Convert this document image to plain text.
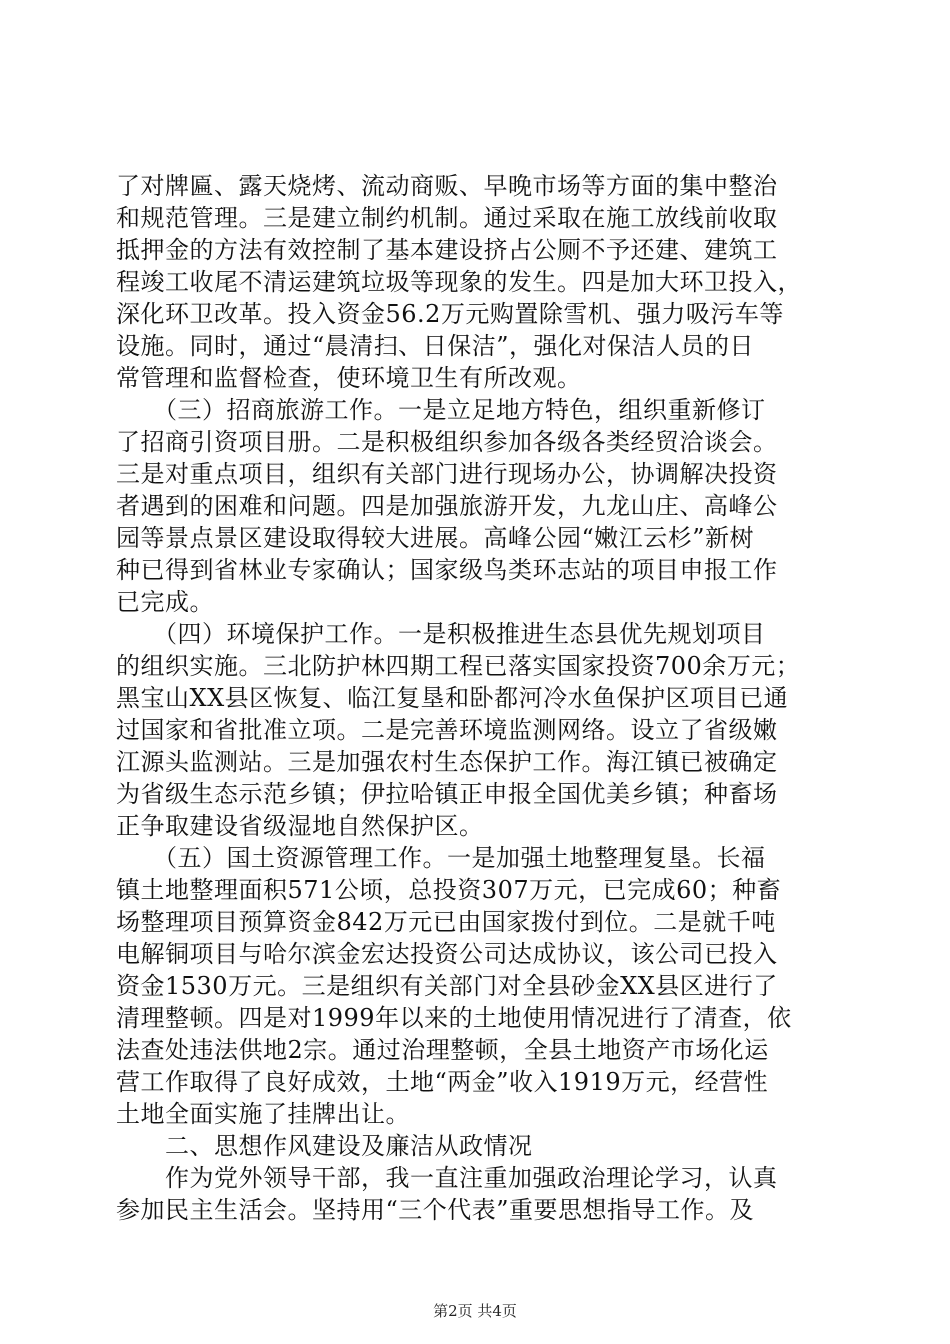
了对牌匾、露天烧烤、流动商贩、早晚市场等方面的集中整治
和规范管理。三是建立制约机制。通过采取在施工放线前收取
抵押金的方法有效控制了基本建设挤占公厕不予还建、建筑工
程竣工收尾不清运建筑垃圾等现象的发生。四是加大环卫投入，
深化环卫改革。投入资金56.2万元购置除雪机、强力吸污车等
设施。同时，通过“晨清扫、日保洁”，强化对保洁人员的日
常管理和监督检查，使环境卫生有所改观。
　　（三）招商旅游工作。一是立足地方特色，组织重新修订
了招商引资项目册。二是积极组织参加各级各类经贸洽谈会。
三是对重点项目，组织有关部门进行现场办公，协调解决投资
者遇到的困难和问题。四是加强旅游开发，九龙山庄、高峰公
园等景点景区建设取得较大进展。高峰公园“嫩江云杉”新树
种已得到省林业专家确认；国家级鸟类环志站的项目申报工作
已完成。
　　（四）环境保护工作。一是积极推进生态县优先规划项目
的组织实施。三北防护林四期工程已落实国家投资700余万元；
黑宝山XX县区恢复、临江复垦和卧都河冷水鱼保护区项目已通
过国家和省批准立项。二是完善环境监测网络。设立了省级嫩
江源头监测站。三是加强农村生态保护工作。海江镇已被确定
为省级生态示范乡镇；伊拉哈镇正申报全国优美乡镇；种畜场
正争取建设省级湿地自然保护区。
　　（五）国土资源管理工作。一是加强土地整理复垦。长福
镇土地整理面积571公顷，总投资307万元，已完成60；种畜
场整理项目预算资金842万元已由国家拨付到位。二是就千吨
电解铜项目与哈尔滨金宏达投资公司达成协议，该公司已投入
资金1530万元。三是组织有关部门对全县砂金XX县区进行了
清理整顿。四是对1999年以来的土地使用情况进行了清查，依
法查处违法供地2宗。通过治理整顿，全县土地资产市场化运
营工作取得了良好成效，土地“两金”收入1919万元，经营性
土地全面实施了挂牌出让。
　　二、思想作风建设及廉洁从政情况
　　作为党外领导干部，我一直注重加强政治理论学习，认真
参加民主生活会。坚持用“三个代表”重要思想指导工作。及
第2页 共4页
